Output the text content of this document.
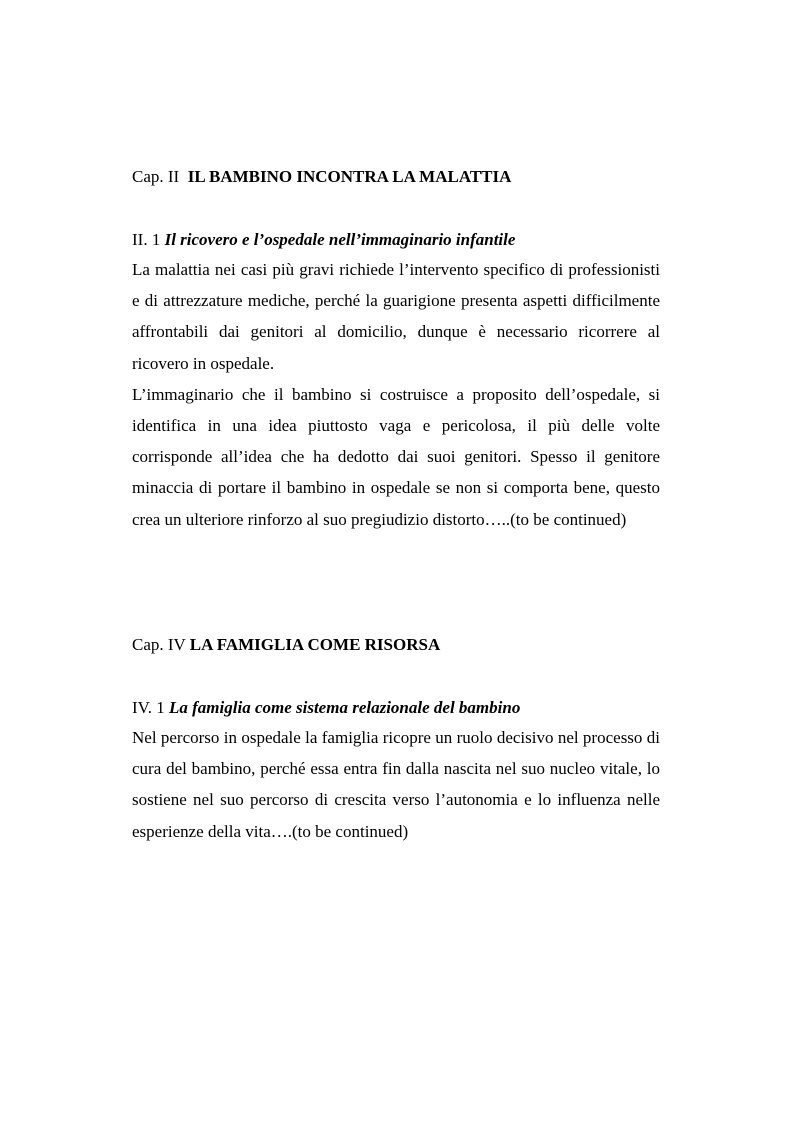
Cap. II IL BAMBINO INCONTRA LA MALATTIA
II. 1 Il ricovero e l’ospedale nell’immaginario infantile

La malattia nei casi più gravi richiede l’intervento specifico di professionisti e di attrezzature mediche, perché la guarigione presenta aspetti difficilmente affrontabili dai genitori al domicilio, dunque è necessario ricorrere al ricovero in ospedale.

L’immaginario che il bambino si costruisce a proposito dell’ospedale, si identifica in una idea piuttosto vaga e pericolosa, il più delle volte corrisponde all’idea che ha dedotto dai suoi genitori. Spesso il genitore minaccia di portare il bambino in ospedale se non si comporta bene, questo crea un ulteriore rinforzo al suo pregiudizio distorto…..(to be continued)

Cap. IV LA FAMIGLIA COME RISORSA
IV. 1 La famiglia come sistema relazionale del bambino

Nel percorso in ospedale la famiglia ricopre un ruolo decisivo nel processo di cura del bambino, perché essa entra fin dalla nascita nel suo nucleo vitale, lo sostiene nel suo percorso di crescita verso l’autonomia e lo influenza nelle esperienze della vita….(to be continued)
